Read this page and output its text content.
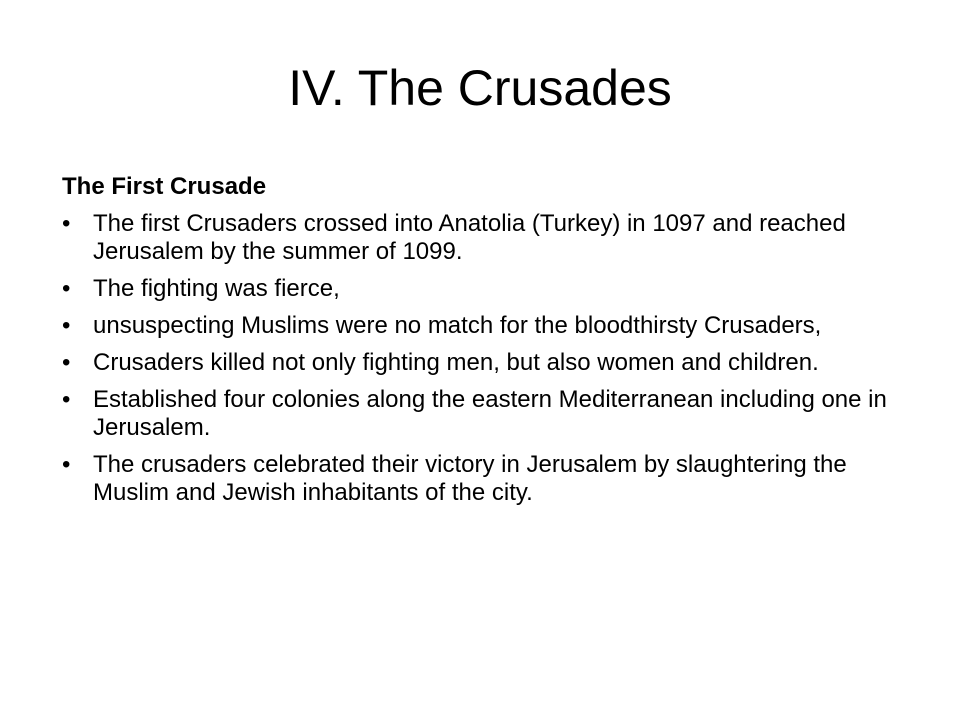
IV. The Crusades

The First Crusade

• The first Crusaders crossed into Anatolia (Turkey) in 1097 and reached Jerusalem by the summer of 1099.
• The fighting was fierce,
• unsuspecting Muslims were no match for the bloodthirsty Crusaders,
• Crusaders killed not only fighting men, but also women and children.
• Established four colonies along the eastern Mediterranean including one in Jerusalem.
• The crusaders celebrated their victory in Jerusalem by slaughtering the Muslim and Jewish inhabitants of the city.
